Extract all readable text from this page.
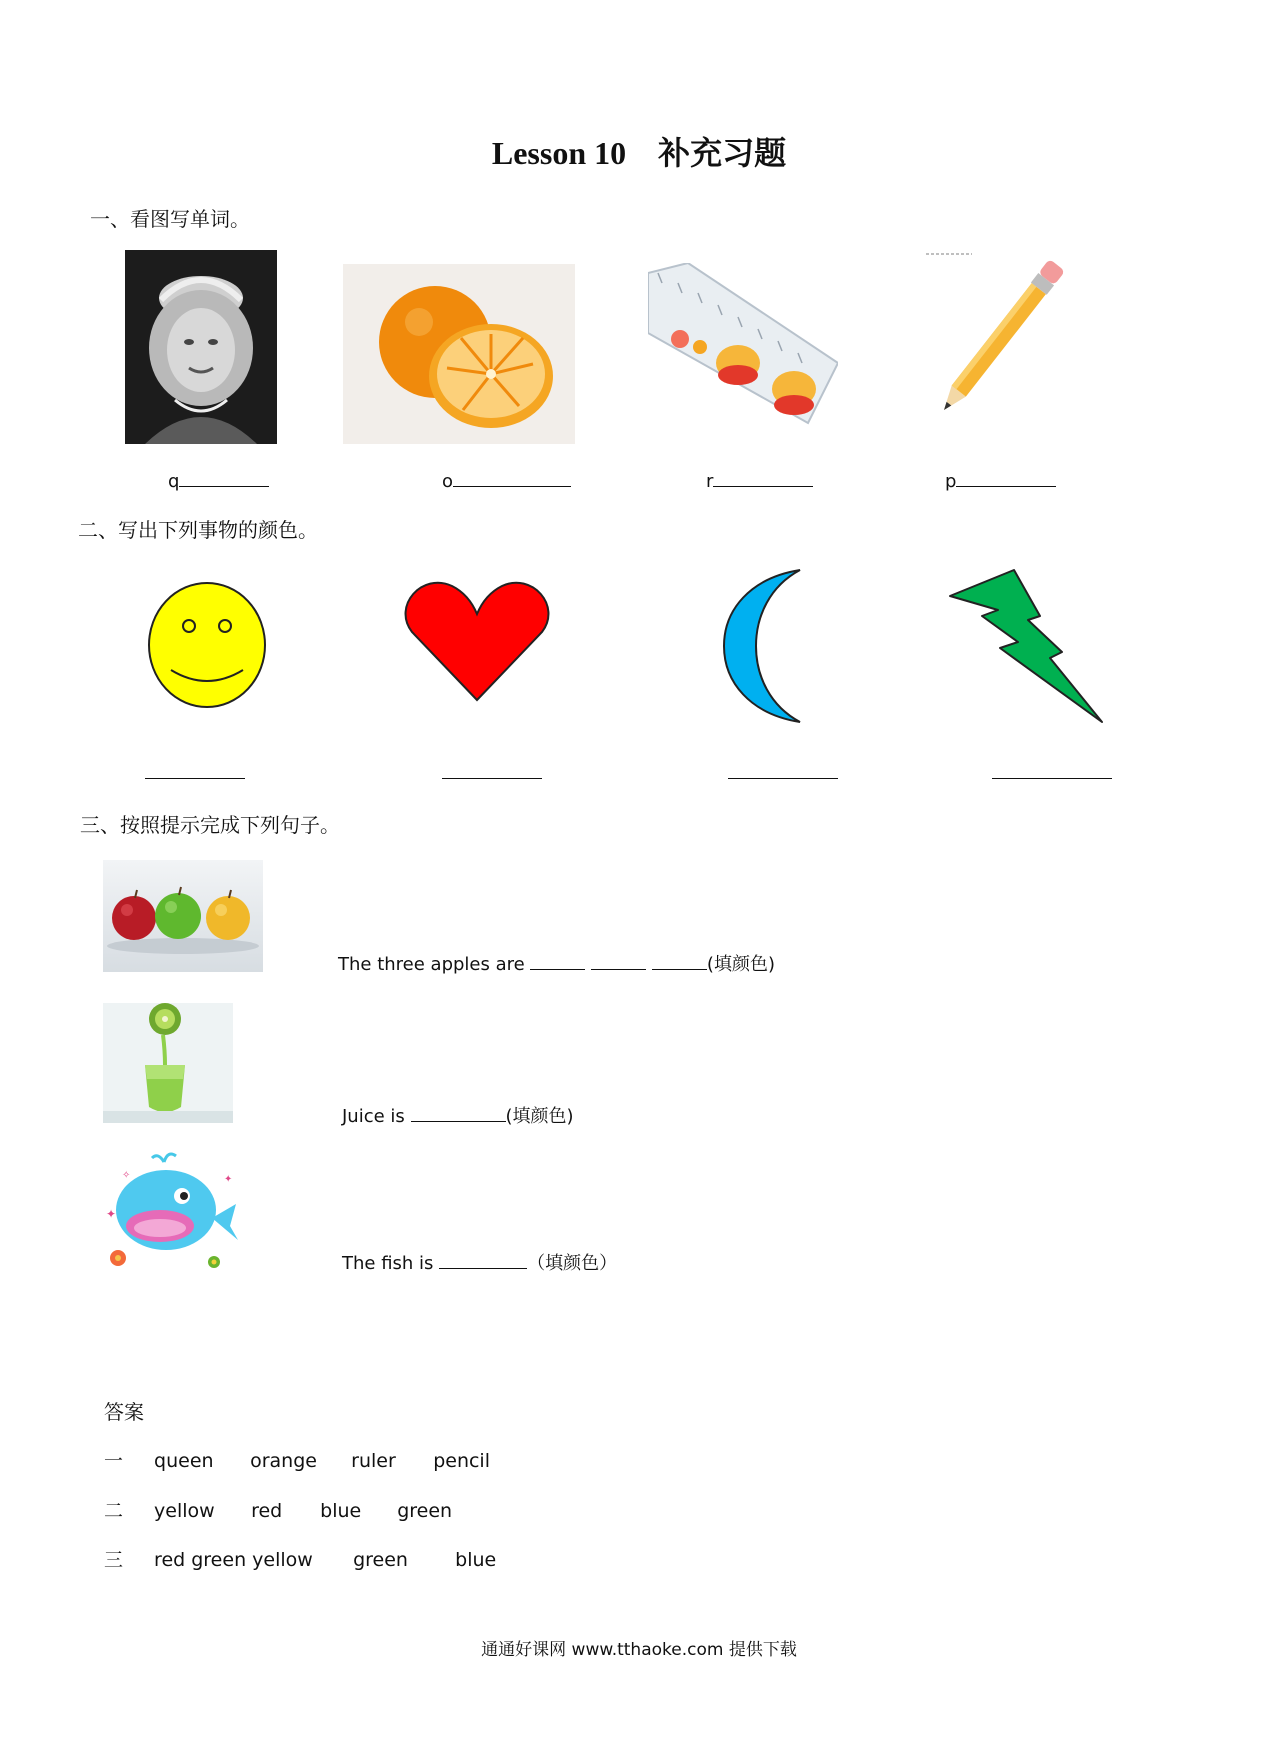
Lesson 10　补充习题
一、看图写单词。
q	o	r	p
二、写出下列事物的颜色。
三、按照提示完成下列句子。
The three apples are	(填颜色)
Juice is	(填颜色)
✦
✦
✧
The fish is	（填颜色）
答案
一 queen orange ruler pencil
二 yellow red blue green
三 red green yellow green blue
通通好课网 www.tthaoke.com 提供下载
